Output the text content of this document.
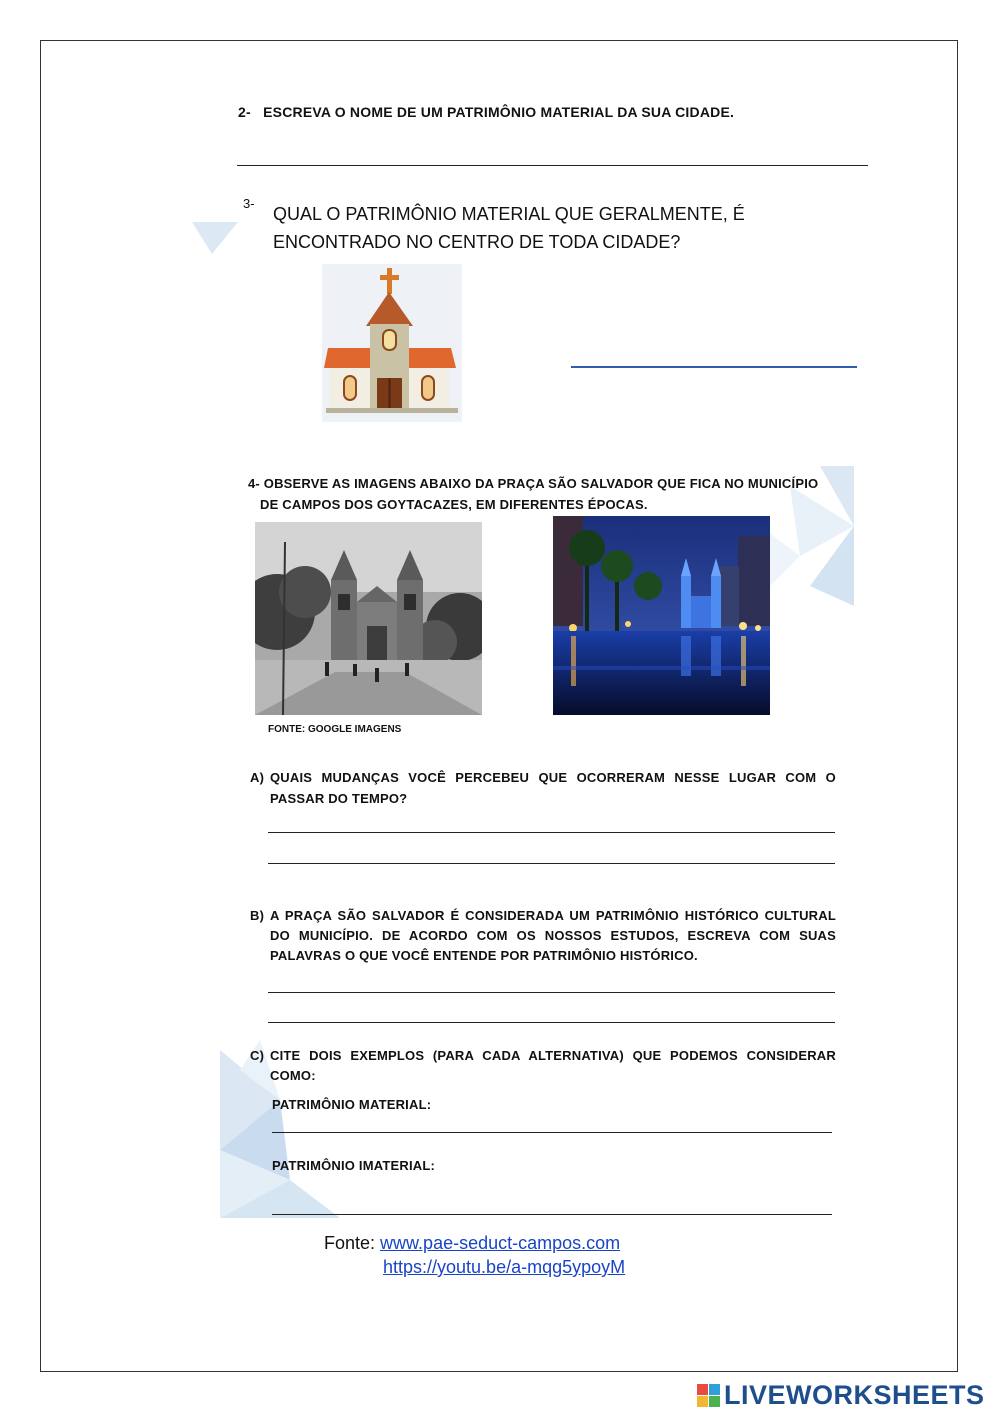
2- ESCREVA O NOME DE UM PATRIMÔNIO MATERIAL DA SUA CIDADE.
3-
QUAL O PATRIMÔNIO MATERIAL QUE GERALMENTE, É
ENCONTRADO NO CENTRO DE TODA CIDADE?
4- OBSERVE AS IMAGENS ABAIXO DA PRAÇA SÃO SALVADOR QUE FICA NO MUNICÍPIO
DE CAMPOS DOS GOYTACAZES, EM DIFERENTES ÉPOCAS.
FONTE: GOOGLE IMAGENS
A) QUAIS MUDANÇAS VOCÊ PERCEBEU QUE OCORRERAM NESSE LUGAR COM O PASSAR DO TEMPO?
B) A PRAÇA SÃO SALVADOR É CONSIDERADA UM PATRIMÔNIO HISTÓRICO CULTURAL DO MUNICÍPIO. DE ACORDO COM OS NOSSOS ESTUDOS, ESCREVA COM SUAS PALAVRAS O QUE VOCÊ ENTENDE POR PATRIMÔNIO HISTÓRICO.
C) CITE DOIS EXEMPLOS (PARA CADA ALTERNATIVA) QUE PODEMOS CONSIDERAR COMO:
PATRIMÔNIO MATERIAL:
PATRIMÔNIO IMATERIAL:
Fonte: www.pae-seduct-campos.com
https://youtu.be/a-mqg5ypoyM
LIVEWORKSHEETS
